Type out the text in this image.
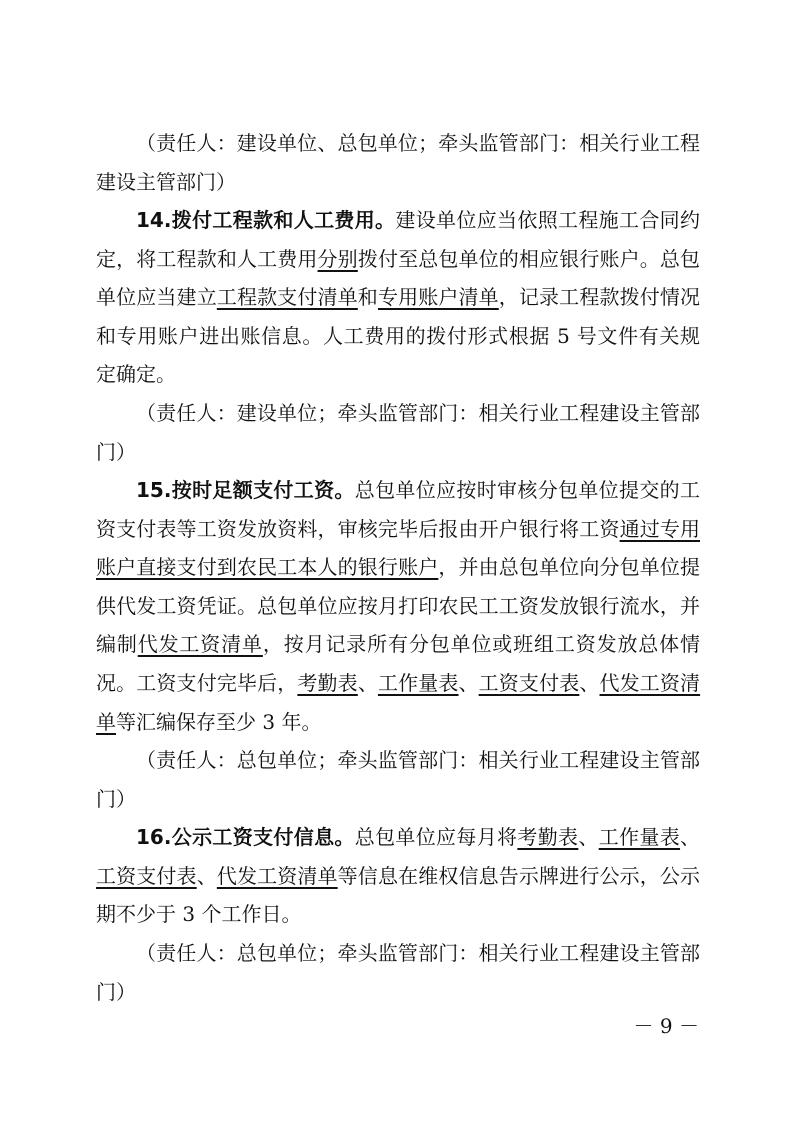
（责任人：建设单位、总包单位；牵头监管部门：相关行业工程建设主管部门）

14.拨付工程款和人工费用。建设单位应当依照工程施工合同约定，将工程款和人工费用分别拨付至总包单位的相应银行账户。总包单位应当建立工程款支付清单和专用账户清单，记录工程款拨付情况和专用账户进出账信息。人工费用的拨付形式根据 5 号文件有关规定确定。

（责任人：建设单位；牵头监管部门：相关行业工程建设主管部门）

15.按时足额支付工资。总包单位应按时审核分包单位提交的工资支付表等工资发放资料，审核完毕后报由开户银行将工资通过专用账户直接支付到农民工本人的银行账户，并由总包单位向分包单位提供代发工资凭证。总包单位应按月打印农民工工资发放银行流水，并编制代发工资清单，按月记录所有分包单位或班组工资发放总体情况。工资支付完毕后，考勤表、工作量表、工资支付表、代发工资清单等汇编保存至少 3 年。

（责任人：总包单位；牵头监管部门：相关行业工程建设主管部门）

16.公示工资支付信息。总包单位应每月将考勤表、工作量表、工资支付表、代发工资清单等信息在维权信息告示牌进行公示，公示期不少于 3 个工作日。

（责任人：总包单位；牵头监管部门：相关行业工程建设主管部门）

－ 9 －
